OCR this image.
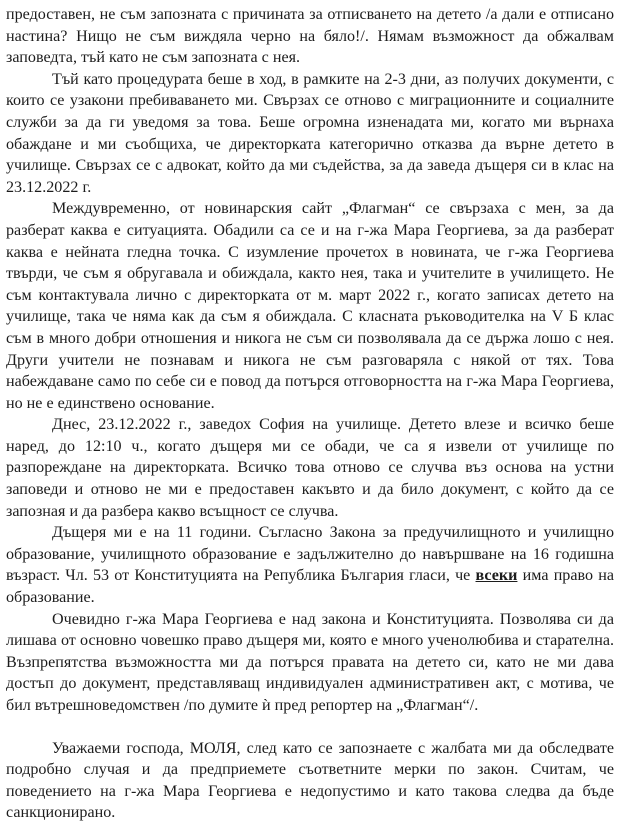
предоставен, не съм запозната с причината за отписването на детето /а дали е отписано настина? Нищо не съм виждяла черно на бяло!/. Нямам възможност да обжалвам заповедта, тъй като не съм запозната с нея.

Тъй като процедурата беше в ход, в рамките на 2-3 дни, аз получих документи, с които се узакони пребиваването ми. Свързах се отново с миграционните и социалните служби за да ги уведомя за това. Беше огромна изненадата ми, когато ми върнаха обаждане и ми съобщиха, че директорката категорично отказва да върне детето в училище. Свързах се с адвокат, който да ми съдейства, за да заведа дъщеря си в клас на 23.12.2022 г.

Междувременно, от новинарския сайт „Флагман“ се свързаха с мен, за да разберат каква е ситуацията. Обадили са се и на г-жа Мара Георгиева, за да разберат каква е нейната гледна точка. С изумление прочетох в новината, че г-жа Георгиева твърди, че съм я обругавала и обиждала, както нея, така и учителите в училището. Не съм контактувала лично с директорката от м. март 2022 г., когато записах детето на училище, така че няма как да съм я обиждала. С класната ръководителка на V Б клас съм в много добри отношения и никога не съм си позволявала да се държа лошо с нея. Други учители не познавам и никога не съм разговаряла с някой от тях. Това набеждаване само по себе си е повод да потърся отговорността на г-жа Мара Георгиева, но не е единствено основание.

Днес, 23.12.2022 г., заведох София на училище. Детето влезе и всичко беше наред, до 12:10 ч., когато дъщеря ми се обади, че са я извели от училище по разпореждане на директорката. Всичко това отново се случва въз основа на устни заповеди и отново не ми е предоставен какъвто и да било документ, с който да се запозная и да разбера какво всъщност се случва.

Дъщеря ми е на 11 години. Съгласно Закона за предучилищното и училищно образование, училищното образование е задължително до навършване на 16 годишна възраст. Чл. 53 от Конституцията на Република България гласи, че всеки има право на образование.

Очевидно г-жа Мара Георгиева е над закона и Конституцията. Позволява си да лишава от основно човешко право дъщеря ми, която е много ученолюбива и старателна. Възпрепятства възможността ми да потърся правата на детето си, като не ми дава достъп до документ, представляващ индивидуален административен акт, с мотива, че бил вътрешноведомствен /по думите ѝ пред репортер на „Флагман“/.

Уважаеми господа, МОЛЯ, след като се запознаете с жалбата ми да обследвате подробно случая и да предприемете съответните мерки по закон. Считам, че поведението на г-жа Мара Георгиева е недопустимо и като такова следва да бъде санкционирано.
